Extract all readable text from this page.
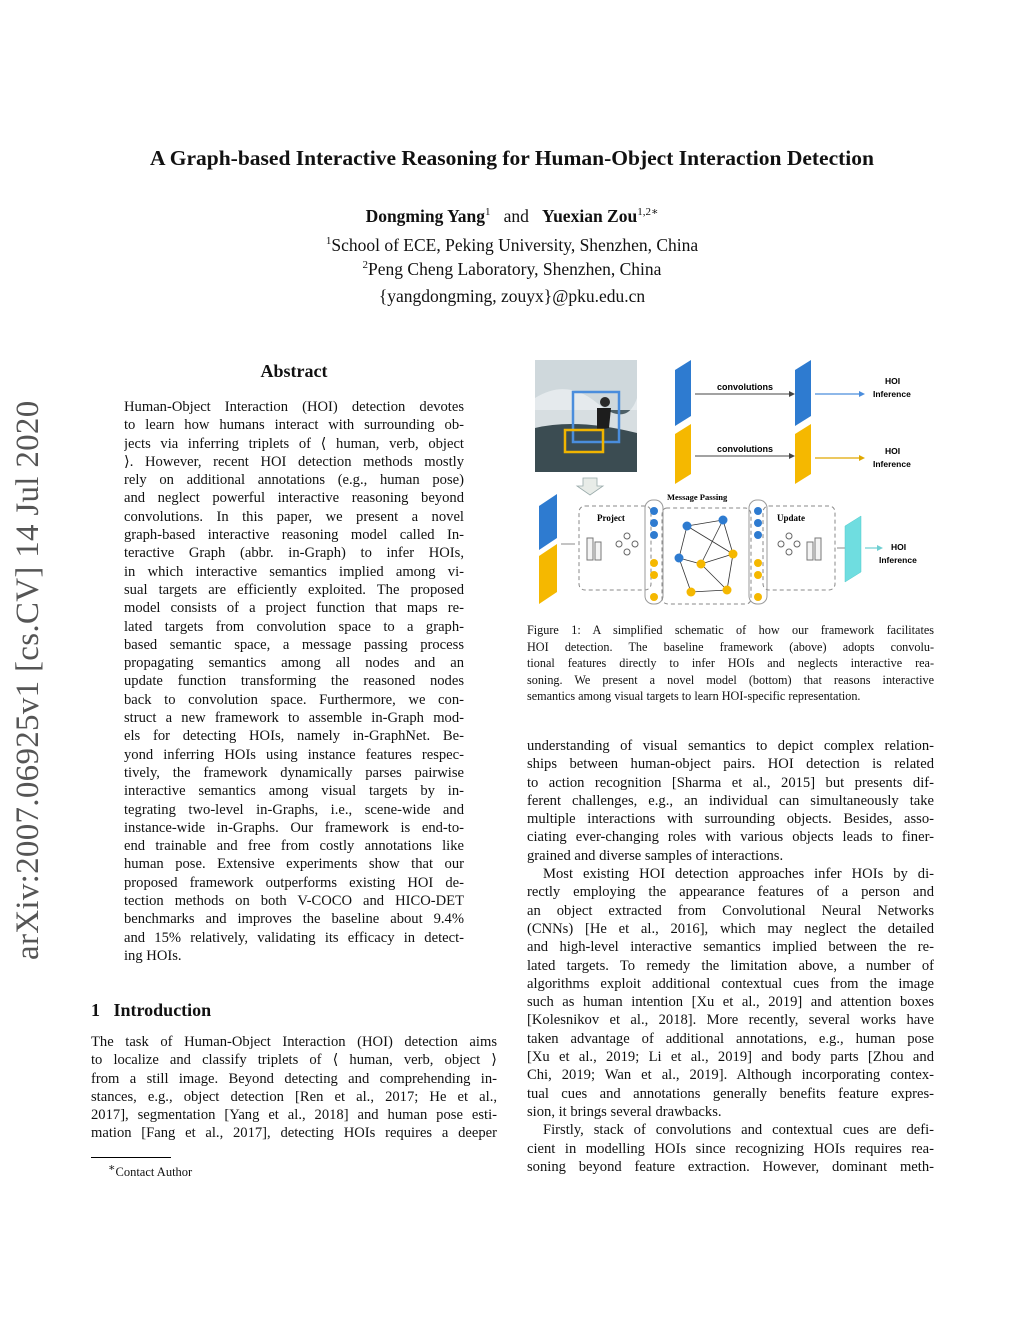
A Graph-based Interactive Reasoning for Human-Object Interaction Detection
Dongming Yang$^1$ and Yuexian Zou$^{1,2∗}$
$^1$School of ECE, Peking University, Shenzhen, China
$^2$Peng Cheng Laboratory, Shenzhen, China
{yangdongming, zouyx}@pku.edu.cn
arXiv:2007.06925v1 [cs.CV] 14 Jul 2020
Abstract
Human-Object Interaction (HOI) detection devotes
to learn how humans interact with surrounding ob-
jects via inferring triplets of ⟨ human, verb, object
⟩. However, recent HOI detection methods mostly
rely on additional annotations (e.g., human pose)
and neglect powerful interactive reasoning beyond
convolutions. In this paper, we present a novel
graph-based interactive reasoning model called In-
teractive Graph (abbr. in-Graph) to infer HOIs,
in which interactive semantics implied among vi-
sual targets are efficiently exploited. The proposed
model consists of a project function that maps re-
lated targets from convolution space to a graph-
based semantic space, a message passing process
propagating semantics among all nodes and an
update function transforming the reasoned nodes
back to convolution space. Furthermore, we con-
struct a new framework to assemble in-Graph mod-
els for detecting HOIs, namely in-GraphNet. Be-
yond inferring HOIs using instance features respec-
tively, the framework dynamically parses pairwise
interactive semantics among visual targets by in-
tegrating two-level in-Graphs, i.e., scene-wide and
instance-wide in-Graphs. Our framework is end-to-
end trainable and free from costly annotations like
human pose. Extensive experiments show that our
proposed framework outperforms existing HOI de-
tection methods on both V-COCO and HICO-DET
benchmarks and improves the baseline about 9.4%
and 15% relatively, validating its efficacy in detect-
ing HOIs.
1 Introduction
The task of Human-Object Interaction (HOI) detection aims
to localize and classify triplets of ⟨ human, verb, object ⟩
from a still image. Beyond detecting and comprehending in-
stances, e.g., object detection [Ren et al., 2017; He et al.,
2017], segmentation [Yang et al., 2018] and human pose esti-
mation [Fang et al., 2017], detecting HOIs requires a deeper
understanding of visual semantics to depict complex relation-
ships between human-object pairs. HOI detection is related
to action recognition [Sharma et al., 2015] but presents dif-
ferent challenges, e.g., an individual can simultaneously take
multiple interactions with surrounding objects. Besides, asso-
ciating ever-changing roles with various objects leads to finer-
grained and diverse samples of interactions.
Most existing HOI detection approaches infer HOIs by di-
rectly employing the appearance features of a person and
an object extracted from Convolutional Neural Networks
(CNNs) [He et al., 2016], which may neglect the detailed
and high-level interactive semantics implied between the re-
lated targets. To remedy the limitation above, a number of
algorithms exploit additional contextual cues from the image
such as human intention [Xu et al., 2019] and attention boxes
[Kolesnikov et al., 2018]. More recently, several works have
taken advantage of additional annotations, e.g., human pose
[Xu et al., 2019; Li et al., 2019] and body parts [Zhou and
Chi, 2019; Wan et al., 2019]. Although incorporating contex-
tual cues and annotations generally benefits feature expres-
sion, it brings several drawbacks.
Firstly, stack of convolutions and contextual cues are defi-
cient in modelling HOIs since recognizing HOIs requires rea-
soning beyond feature extraction. However, dominant meth-
∗Contact Author
convolutions
HOI
Inference
convolutions	HOI
Inference
Project
Message Passing
Update
HOI
Inference
Figure 1: A simplified schematic of how our framework facilitates
HOI detection. The baseline framework (above) adopts convolu-
tional features directly to infer HOIs and neglects interactive rea-
soning. We present a novel model (bottom) that reasons interactive
semantics among visual targets to learn HOI-specific representation.
